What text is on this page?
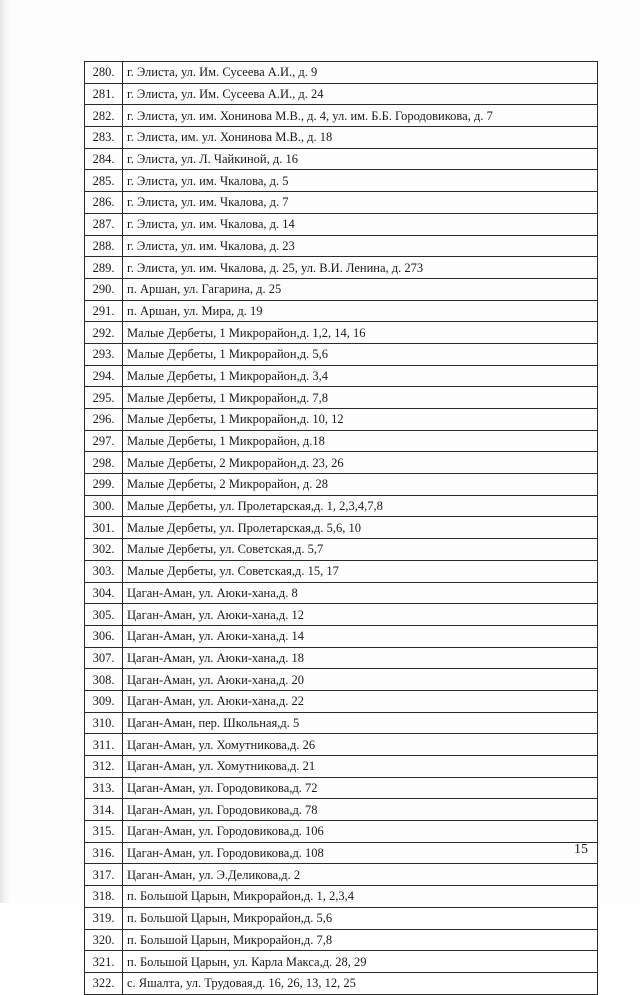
280.	г. Элиста, ул. Им. Сусеева А.И., д. 9
281.	г. Элиста, ул. Им. Сусеева А.И., д. 24
282.	г. Элиста, ул. им. Хонинова М.В., д. 4, ул. им. Б.Б. Городовикова, д. 7
283.	г. Элиста, им. ул. Хонинова М.В., д. 18
284.	г. Элиста, ул. Л. Чайкиной, д. 16
285.	г. Элиста, ул. им. Чкалова, д. 5
286.	г. Элиста, ул. им. Чкалова, д. 7
287.	г. Элиста, ул. им. Чкалова, д. 14
288.	г. Элиста, ул. им. Чкалова, д. 23
289.	г. Элиста, ул. им. Чкалова, д. 25, ул. В.И. Ленина, д. 273
290.	п. Аршан, ул. Гагарина, д. 25
291.	п. Аршан, ул. Мира, д. 19
292.	Малые Дербеты, 1 Микрорайон,д. 1,2, 14, 16
293.	Малые Дербеты, 1 Микрорайон,д. 5,6
294.	Малые Дербеты, 1 Микрорайон,д. 3,4
295.	Малые Дербеты, 1 Микрорайон,д. 7,8
296.	Малые Дербеты, 1 Микрорайон,д. 10, 12
297.	Малые Дербеты, 1 Микрорайон, д.18
298.	Малые Дербеты, 2 Микрорайон,д. 23, 26
299.	Малые Дербеты, 2 Микрорайон, д. 28
300.	Малые Дербеты, ул. Пролетарская,д. 1, 2,3,4,7,8
301.	Малые Дербеты, ул. Пролетарская,д. 5,6, 10
302.	Малые Дербеты, ул. Советская,д. 5,7
303.	Малые Дербеты, ул. Советская,д. 15, 17
304.	Цаган-Аман, ул. Аюки-хана,д. 8
305.	Цаган-Аман, ул. Аюки-хана,д. 12
306.	Цаган-Аман, ул. Аюки-хана,д. 14
307.	Цаган-Аман, ул. Аюки-хана,д. 18
308.	Цаган-Аман, ул. Аюки-хана,д. 20
309.	Цаган-Аман, ул. Аюки-хана,д. 22
310.	Цаган-Аман, пер. Школьная,д. 5
311.	Цаган-Аман, ул. Хомутникова,д. 26
312.	Цаган-Аман, ул. Хомутникова,д. 21
313.	Цаган-Аман, ул. Городовикова,д. 72
314.	Цаган-Аман, ул. Городовикова,д. 78
315.	Цаган-Аман, ул. Городовикова,д. 106
316.	Цаган-Аман, ул. Городовикова,д. 108
317.	Цаган-Аман, ул. Э.Деликова,д. 2
318.	п. Большой Царын, Микрорайон,д. 1, 2,3,4
319.	п. Большой Царын, Микрорайон,д. 5,6
320.	п. Большой Царын, Микрорайон,д. 7,8
321.	п. Большой Царын, ул. Карла Макса,д. 28, 29
322.	с. Яшалта, ул. Трудовая,д. 16, 26, 13, 12, 25
15
